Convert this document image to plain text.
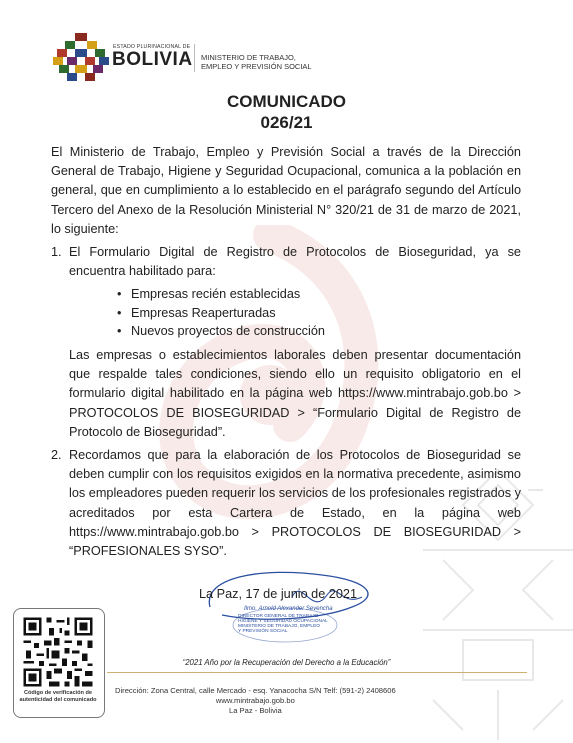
ESTADO PLURINACIONAL DE
BOLIVIA MINISTERIO DE TRABAJO,
EMPLEO Y PREVISIÓN SOCIAL
COMUNICADO
026/21
El Ministerio de Trabajo, Empleo y Previsión Social a través de la Dirección General de Trabajo, Higiene y Seguridad Ocupacional, comunica a la población en general, que en cumplimiento a lo establecido en el parágrafo segundo del Artículo Tercero del Anexo de la Resolución Ministerial N° 320/21 de 31 de marzo de 2021, lo siguiente:
1. El Formulario Digital de Registro de Protocolos de Bioseguridad, ya se encuentra habilitado para:
• Empresas recién establecidas
• Empresas Reaperturadas
• Nuevos proyectos de construcción
Las empresas o establecimientos laborales deben presentar documentación que respalde tales condiciones, siendo ello un requisito obligatorio en el formulario digital habilitado en la página web https://www.mintrabajo.gob.bo > PROTOCOLOS DE BIOSEGURIDAD > “Formulario Digital de Registro de Protocolo de Bioseguridad”.
2. Recordamos que para la elaboración de los Protocolos de Bioseguridad se deben cumplir con los requisitos exigidos en la normativa precedente, asimismo los empleadores pueden requerir los servicios de los profesionales registrados y acreditados por esta Cartera de Estado, en la página web https://www.mintrabajo.gob.bo > PROTOCOLOS DE BIOSEGURIDAD > “PROFESIONALES SYSO”.
La Paz, 17 de junio de 2021
Ilmo. Arnold Alexander Sevencha
DIRECTOR GENERAL DE TRABAJO
HIGIENE Y SEGURIDAD OCUPACIONAL
MINISTERIO DE TRABAJO, EMPLEO
Y PREVISIÓN SOCIAL
“2021 Año por la Recuperación del Derecho a la Educación”
Dirección: Zona Central, calle Mercado - esq. Yanacocha S/N Telf: (591-2) 2408606
www.mintrabajo.gob.bo
La Paz - Bolivia
Código de verificación de
autenticidad del comunicado
